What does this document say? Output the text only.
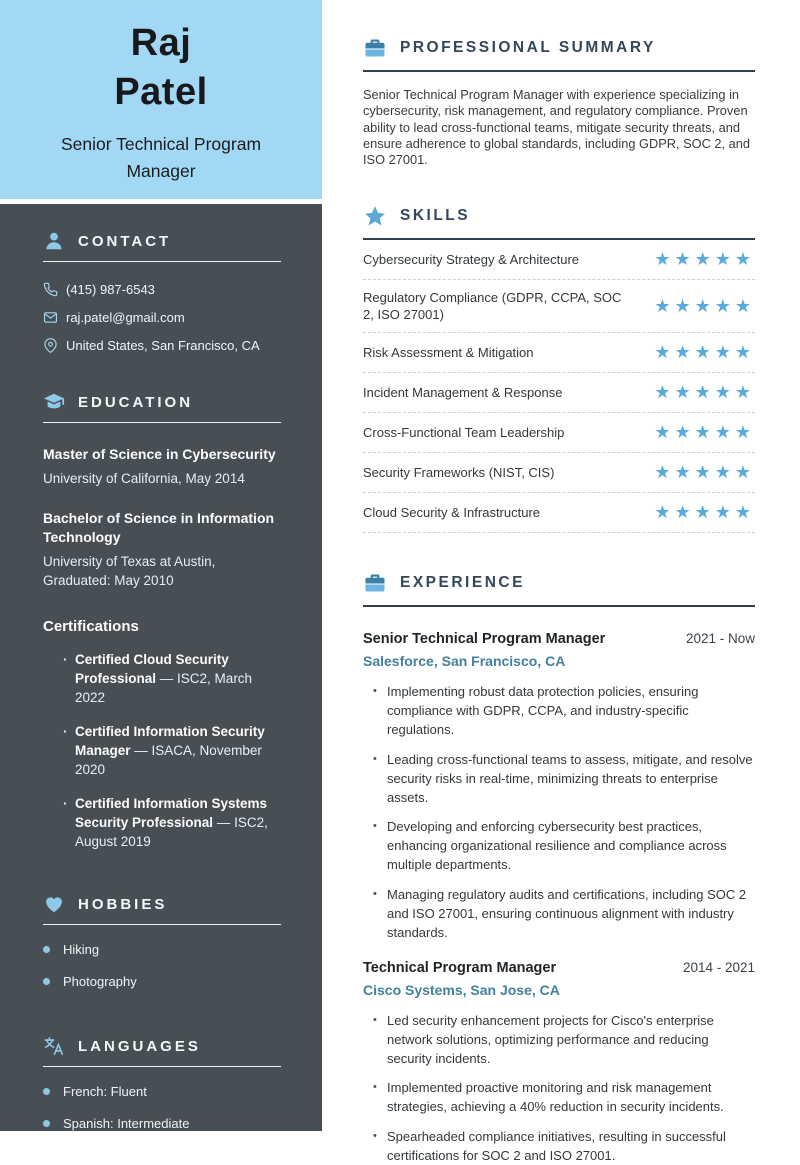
Raj Patel
Senior Technical Program Manager
CONTACT
(415) 987-6543
raj.patel@gmail.com
United States, San Francisco, CA
EDUCATION
Master of Science in Cybersecurity
University of California, May 2014
Bachelor of Science in Information Technology
University of Texas at Austin, Graduated: May 2010
Certifications
· Certified Cloud Security Professional — ISC2, March 2022
· Certified Information Security Manager — ISACA, November 2020
· Certified Information Systems Security Professional — ISC2, August 2019
HOBBIES
Hiking
Photography
LANGUAGES
French: Fluent
Spanish: Intermediate
PROFESSIONAL SUMMARY

Senior Technical Program Manager with experience specializing in cybersecurity, risk management, and regulatory compliance. Proven ability to lead cross-functional teams, mitigate security threats, and ensure adherence to global standards, including GDPR, SOC 2, and ISO 27001.

SKILLS
Cybersecurity Strategy & Architecture	★★★★★
Regulatory Compliance (GDPR, CCPA, SOC 2, ISO 27001)	★★★★★
Risk Assessment & Mitigation	★★★★★
Incident Management & Response	★★★★★
Cross-Functional Team Leadership	★★★★★
Security Frameworks (NIST, CIS)	★★★★★
Cloud Security & Infrastructure	★★★★★
EXPERIENCE
Senior Technical Program Manager	2021 - Now
Salesforce, San Francisco, CA
• Implementing robust data protection policies, ensuring compliance with GDPR, CCPA, and industry-specific regulations.
• Leading cross-functional teams to assess, mitigate, and resolve security risks in real-time, minimizing threats to enterprise assets.
• Developing and enforcing cybersecurity best practices, enhancing organizational resilience and compliance across multiple departments.
• Managing regulatory audits and certifications, including SOC 2 and ISO 27001, ensuring continuous alignment with industry standards.
Technical Program Manager	2014 - 2021
Cisco Systems, San Jose, CA
• Led security enhancement projects for Cisco's enterprise network solutions, optimizing performance and reducing security incidents.
• Implemented proactive monitoring and risk management strategies, achieving a 40% reduction in security incidents.
• Spearheaded compliance initiatives, resulting in successful certifications for SOC 2 and ISO 27001.
